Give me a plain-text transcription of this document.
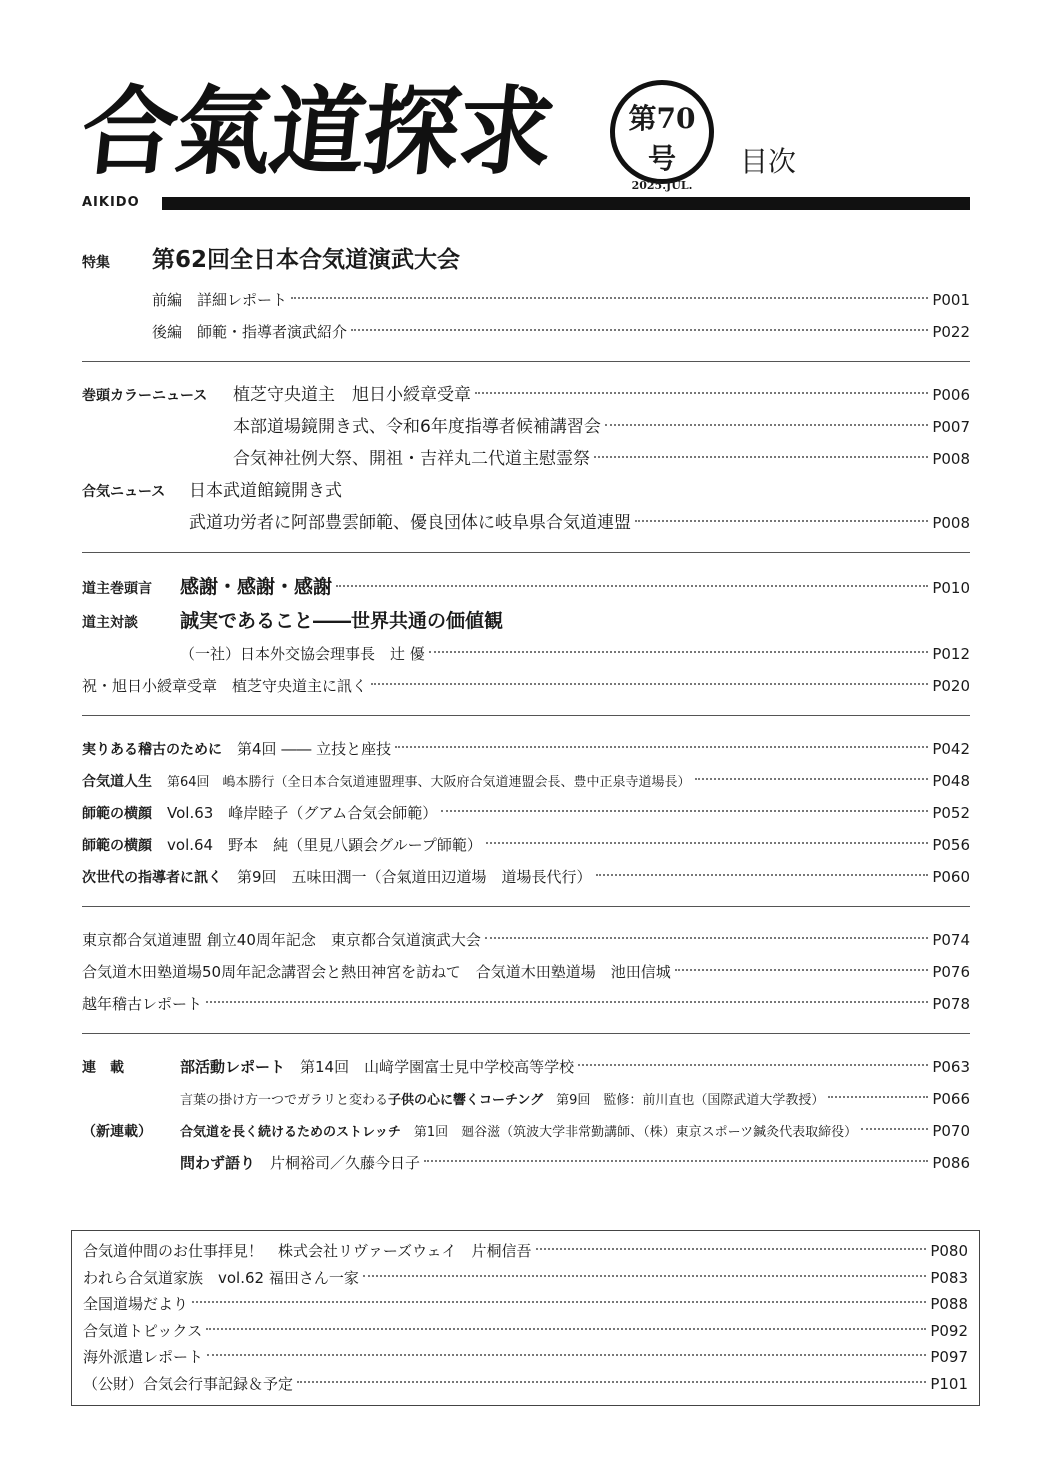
合氣道探求	第70号
2025.JUL.
目次
AIKIDO
特集	第62回全日本合気道演武大会
前編　 詳細レポート	P001
後編　 師範・指導者演武紹介	P022
巻頭カラーニュース	植芝守央道主　旭日小綬章受章	P006
本部道場鏡開き式、令和6年度指導者候補講習会	P007
合気神社例大祭、開祖・吉祥丸二代道主慰霊祭	P008
合気ニュース	日本武道館鏡開き式
武道功労者に阿部豊雲師範、優良団体に岐阜県合気道連盟	P008
道主巻頭言	感謝・感謝・感謝	P010
道主対談	誠実であること――世界共通の価値観
（一社）日本外交協会理事長　辻 優	P012
祝・旭日小綬章受章　植芝守央道主に訊く	P020
実りある稽古のために
　 第4回 ―― 立技と座技	P042
合気道人生
　 第64回　嶋本勝行（全日本合気道連盟理事、大阪府合気道連盟会長、豊中正泉寺道場長）	P048
師範の横顔
　 Vol.63　峰岸睦子（グアム合気会師範）	P052
師範の横顔
　 vol.64　野本　純（里見八顕会グループ師範）	P056
次世代の指導者に訊く
　 第9回　五味田潤一（合氣道田辺道場　道場長代行）	P060
東京都合気道連盟 創立40周年記念　東京都合気道演武大会	P074
合気道木田塾道場50周年記念講習会と熱田神宮を訪ねて　合気道木田塾道場　池田信城	P076
越年稽古レポート	P078
連　載	部活動レポート　第14回　山﨑学園富士見中学校高等学校	P063
言葉の掛け方一つでガラリと変わる子供の心に響くコーチング　第9回　監修：前川直也（国際武道大学教授）	P066
（新連載）	合気道を長く続けるためのストレッチ　第1回　廻谷滋（筑波大学非常勤講師、（株）東京スポーツ鍼灸代表取締役）	P070
問わず語り　片桐裕司／久藤今日子	P086
合気道仲間のお仕事拝見！　株式会社リヴァーズウェイ　片桐信吾	P080
われら合気道家族　vol.62 福田さん一家	P083
全国道場だより	P088
合気道トピックス	P092
海外派遣レポート	P097
（公財）合気会行事記録＆予定	P101
